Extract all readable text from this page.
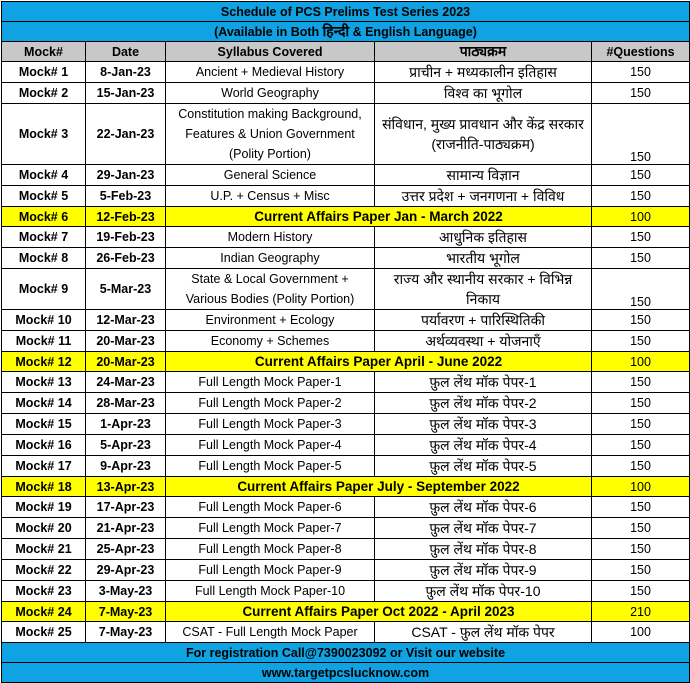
Schedule of PCS Prelims Test Series 2023				
(Available in Both हिन्दी & English Language)				
Mock#	Date	Syllabus Covered	पाठ्यक्रम	#Questions
Mock# 1	8-Jan-23	Ancient + Medieval History	प्राचीन + मध्यकालीन इतिहास	150
Mock# 2	15-Jan-23	World Geography	विश्व का भूगोल	150
Mock# 3	22-Jan-23	Constitution making Background, Features & Union Government (Polity Portion)	संविधान, मुख्य प्रावधान और केंद्र सरकार (राजनीति-पाठ्यक्रम)	150
Mock# 4	29-Jan-23	General Science	सामान्य विज्ञान	150
Mock# 5	5-Feb-23	U.P. + Census + Misc	उत्तर प्रदेश + जनगणना + विविध	150
Mock# 6	12-Feb-23	Current Affairs Paper Jan - March 2022		100
Mock# 7	19-Feb-23	Modern History	आधुनिक इतिहास	150
Mock# 8	26-Feb-23	Indian Geography	भारतीय भूगोल	150
Mock# 9	5-Mar-23	State & Local Government + Various Bodies (Polity Portion)	राज्य और स्थानीय सरकार + विभिन्न निकाय	150
Mock# 10	12-Mar-23	Environment + Ecology	पर्यावरण + पारिस्थितिकी	150
Mock# 11	20-Mar-23	Economy + Schemes	अर्थव्यवस्था + योजनाएँ	150
Mock# 12	20-Mar-23	Current Affairs Paper April - June 2022		100
Mock# 13	24-Mar-23	Full Length Mock Paper-1	फ़ुल लेंथ मॉक पेपर-1	150
Mock# 14	28-Mar-23	Full Length Mock Paper-2	फ़ुल लेंथ मॉक पेपर-2	150
Mock# 15	1-Apr-23	Full Length Mock Paper-3	फ़ुल लेंथ मॉक पेपर-3	150
Mock# 16	5-Apr-23	Full Length Mock Paper-4	फ़ुल लेंथ मॉक पेपर-4	150
Mock# 17	9-Apr-23	Full Length Mock Paper-5	फ़ुल लेंथ मॉक पेपर-5	150
Mock# 18	13-Apr-23	Current Affairs Paper July - September 2022		100
Mock# 19	17-Apr-23	Full Length Mock Paper-6	फ़ुल लेंथ मॉक पेपर-6	150
Mock# 20	21-Apr-23	Full Length Mock Paper-7	फ़ुल लेंथ मॉक पेपर-7	150
Mock# 21	25-Apr-23	Full Length Mock Paper-8	फ़ुल लेंथ मॉक पेपर-8	150
Mock# 22	29-Apr-23	Full Length Mock Paper-9	फ़ुल लेंथ मॉक पेपर-9	150
Mock# 23	3-May-23	Full Length Mock Paper-10	फ़ुल लेंथ मॉक पेपर-10	150
Mock# 24	7-May-23	Current Affairs Paper Oct 2022 - April 2023		210
Mock# 25	7-May-23	CSAT - Full Length Mock Paper	CSAT - फ़ुल लेंथ मॉक पेपर	100
For registration Call@7390023092 or Visit our website				
www.targetpcslucknow.com				
